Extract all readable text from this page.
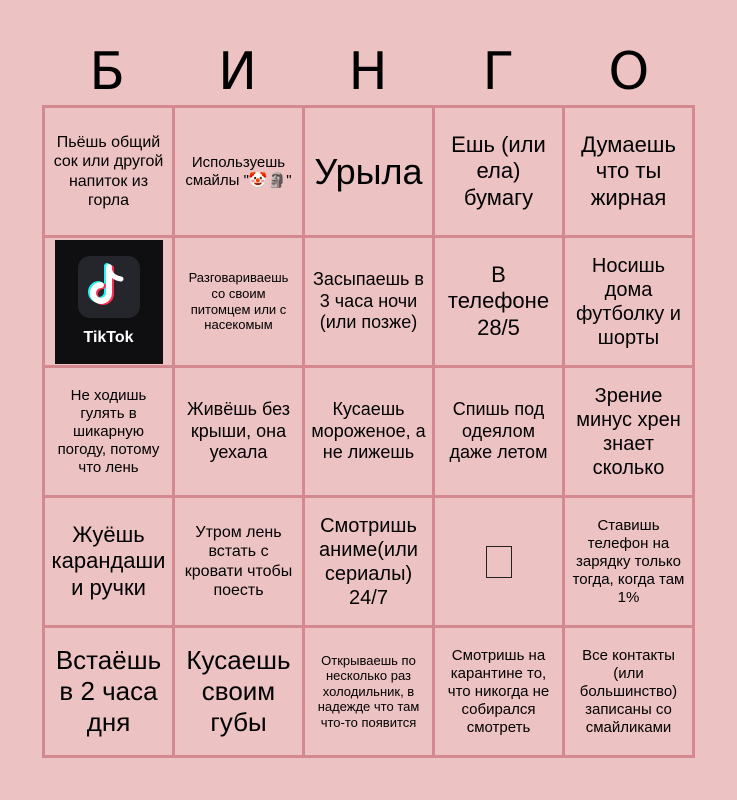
Б	И	Н	Г	О
Пьёшь общий сок или другой напиток из горла
Используешь смайлы "🤡🗿" Урыла
Ешь (или ела) бумагу
Думаешь что ты жирная
TikTok
Разговариваешь со своим питомцем или с насекомым
Засыпаешь в 3 часа ночи (или позже)
В телефоне 28/5
Носишь дома футболку и шорты
Не ходишь гулять в шикарную погоду, потому что лень
Живёшь без крыши, она уехала
Кусаешь мороженое, а не лижешь
Спишь под одеялом даже летом
Зрение минус хрен знает сколько
Жуёшь карандаши и ручки
Утром лень встать с кровати чтобы поесть
Смотришь аниме(или сериалы) 24/7
Ставишь телефон на зарядку только тогда, когда там 1%
Встаёшь в 2 часа дня
Кусаешь своим губы
Открываешь по несколько раз холодильник, в надежде что там что-то появится
Смотришь на карантине то, что никогда не собирался смотреть
Все контакты (или большинство) записаны со смайликами
